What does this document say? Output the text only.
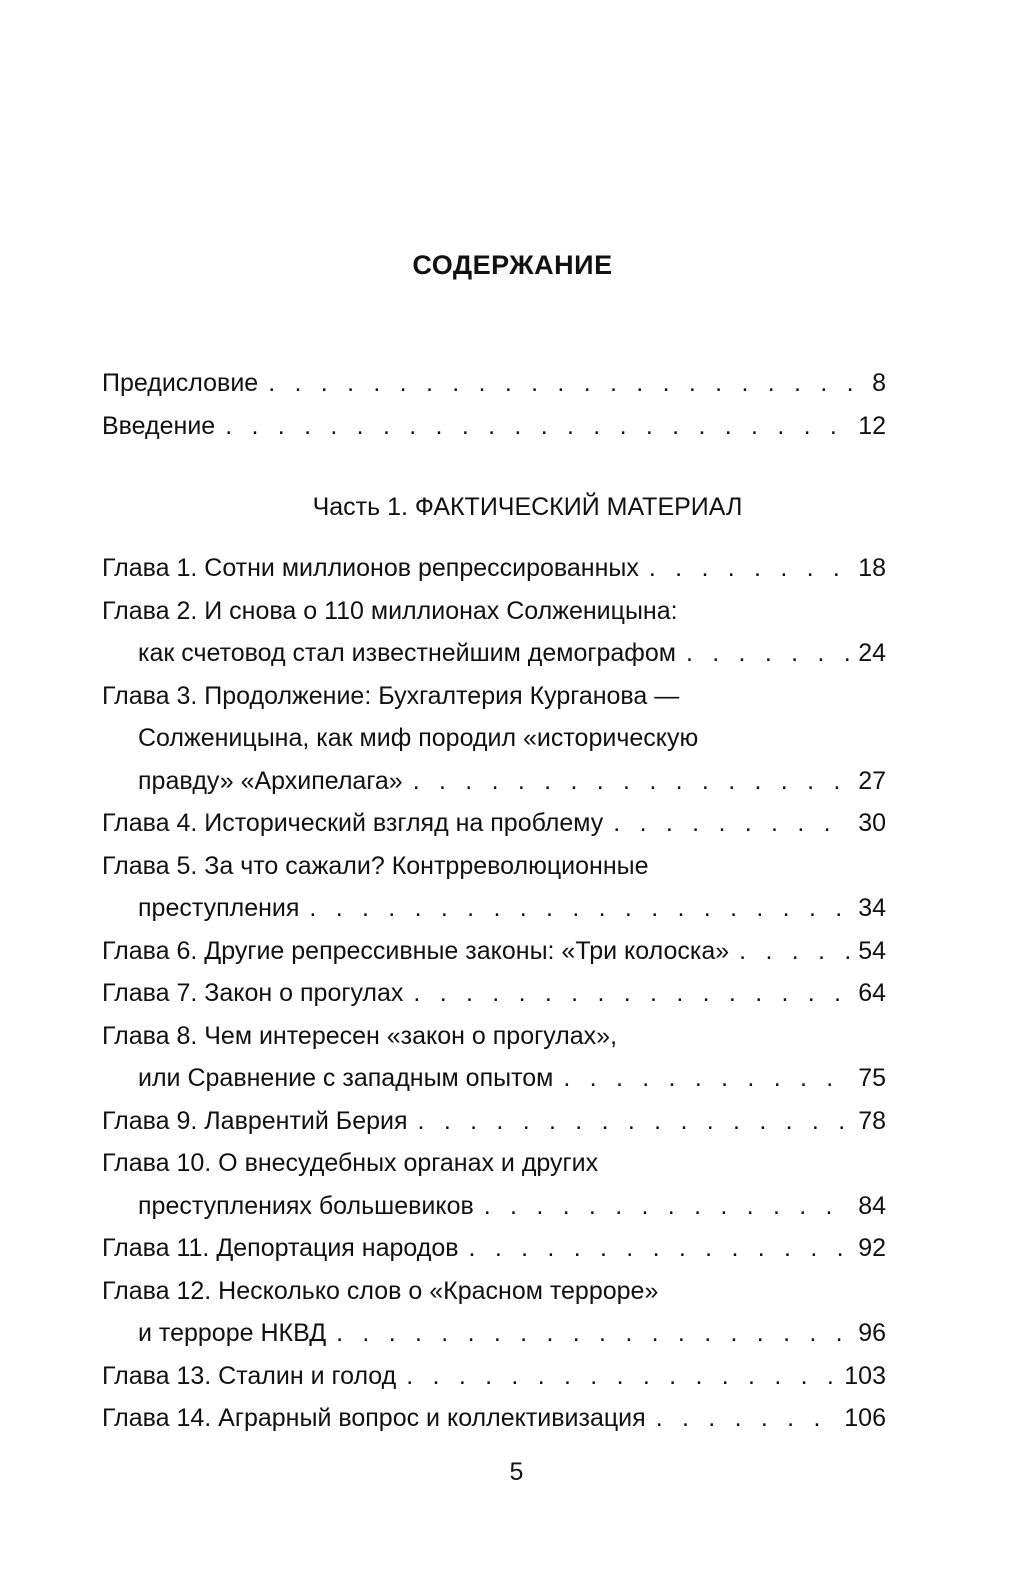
СОДЕРЖАНИЕ
Предисловие . . .	8
Введение . . .	12
Часть 1. ФАКТИЧЕСКИЙ МАТЕРИАЛ
Глава 1. Сотни миллионов репрессированных . . .	18
Глава 2. И снова о 110 миллионах Солженицына:
как счетовод стал известнейшим демографом . . .	24
Глава 3. Продолжение: Бухгалтерия Курганова —
Солженицына, как миф породил «историческую
правду» «Архипелага» . . .	27
Глава 4. Исторический взгляд на проблему . . .	30
Глава 5. За что сажали? Контрреволюционные
преступления . . .	34
Глава 6. Другие репрессивные законы: «Три колоска» . . .	54
Глава 7. Закон о прогулах . . .	64
Глава 8. Чем интересен «закон о прогулах»,
или Сравнение с западным опытом . . .	75
Глава 9. Лаврентий Берия . . .	78
Глава 10. О внесудебных органах и других
преступлениях большевиков . . .	84
Глава 11. Депортация народов . . .	92
Глава 12. Несколько слов о «Красном терроре»
и терроре НКВД . . .	96
Глава 13. Сталин и голод . . .	103
Глава 14. Аграрный вопрос и коллективизация . . .	106
5
